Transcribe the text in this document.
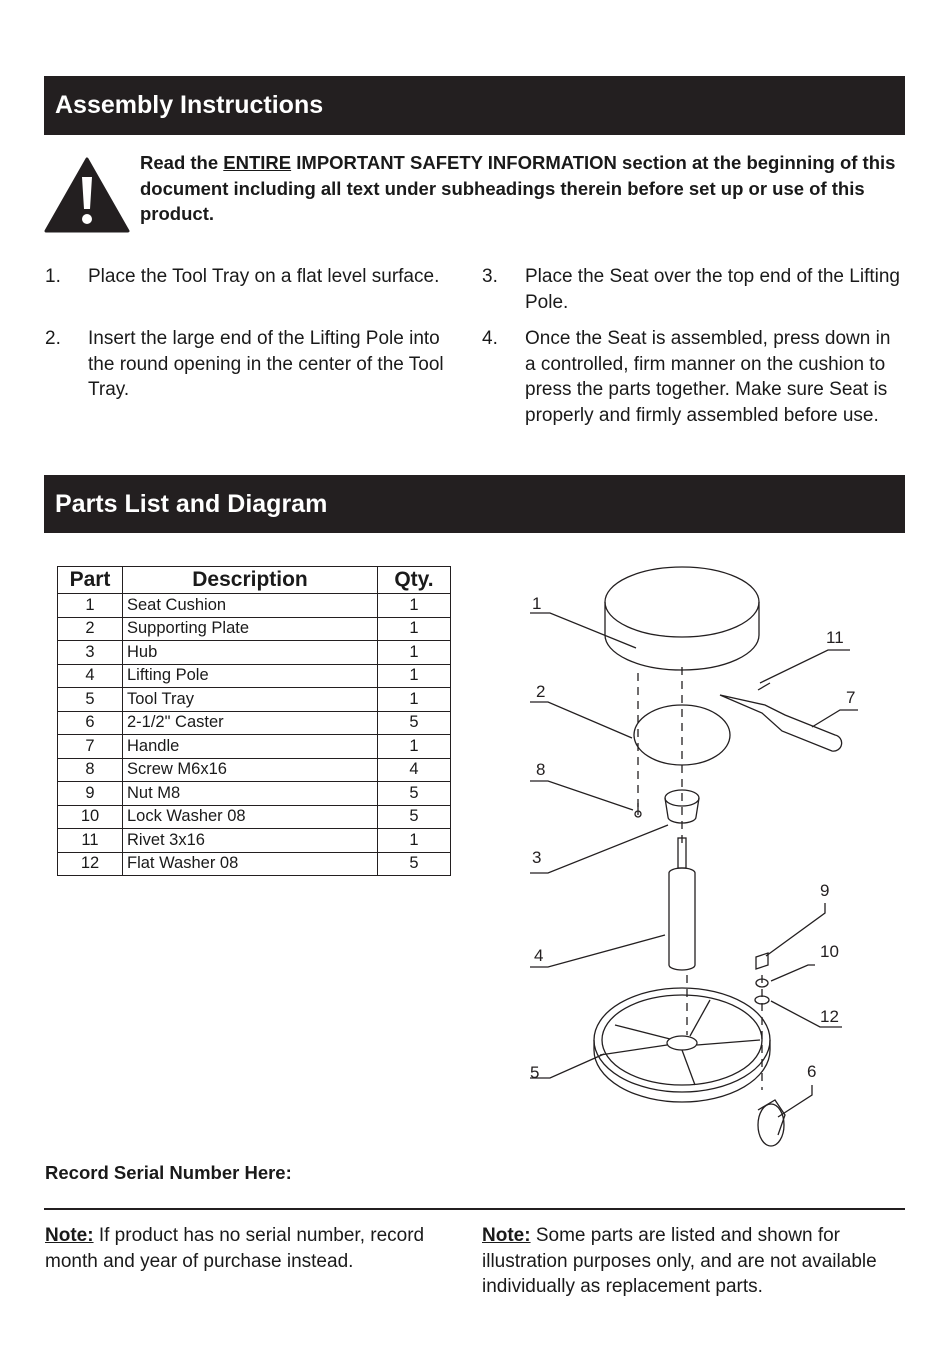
Assembly Instructions
Read the ENTIRE IMPORTANT SAFETY INFORMATION section at the beginning of this document including all text under subheadings therein before set up or use of this product.
1. Place the Tool Tray on a flat level surface.
2. Insert the large end of the Lifting Pole into the round opening in the center of the Tool Tray.
3. Place the Seat over the top end of the Lifting Pole.
4. Once the Seat is assembled, press down in a controlled, firm manner on the cushion to press the parts together. Make sure Seat is properly and firmly assembled before use.
Parts List and Diagram
Part	Description	Qty.
1	Seat Cushion	1
2	Supporting Plate	1
3	Hub	1
4	Lifting Pole	1
5	Tool Tray	1
6	2-1/2" Caster	5
7	Handle	1
8	Screw M6x16	4
9	Nut M8	5
10	Lock Washer 08	5
11	Rivet 3x16	1
12	Flat Washer 08	5
1
2
3
4
5	6
7
8
9
10
11
12
Record Serial Number Here:
Note: If product has no serial number, record month and year of purchase instead.
Note: Some parts are listed and shown for illustration purposes only, and are not available individually as replacement parts.
